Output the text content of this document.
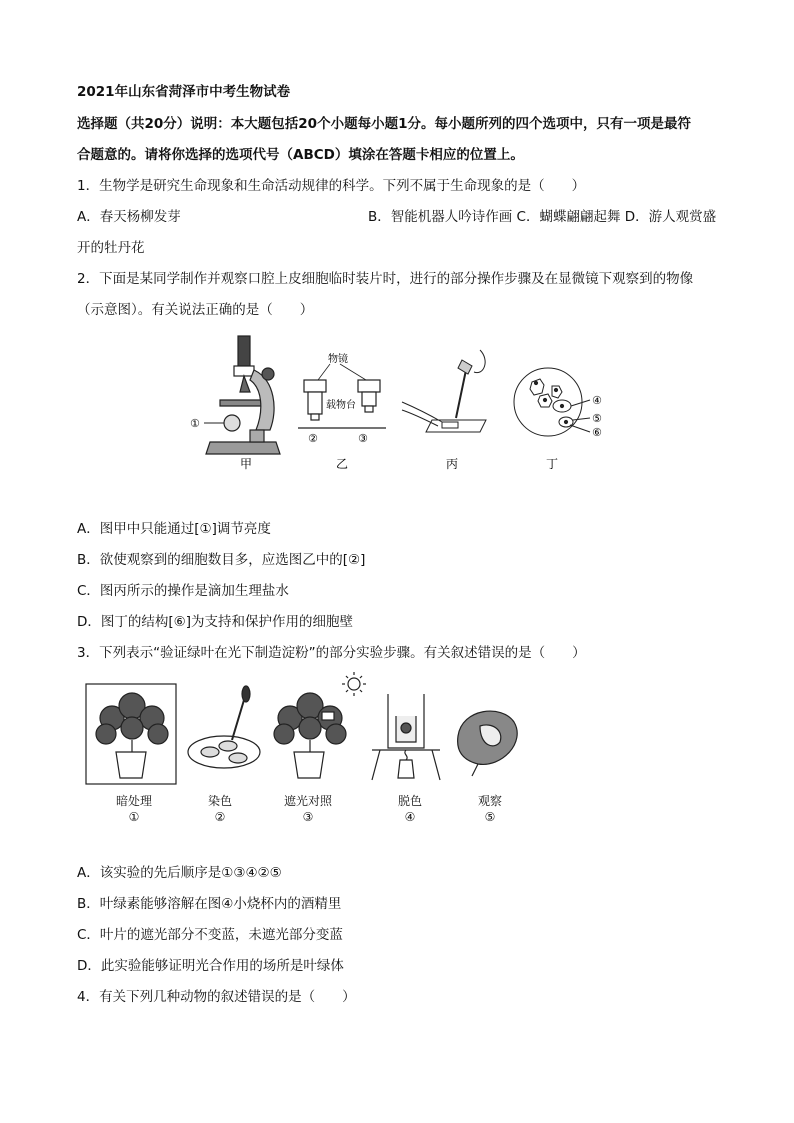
2021年山东省菏泽市中考生物试卷
选择题（共20分）说明：本大题包括20个小题每小题1分。每小题所列的四个选项中，只有一项是最符
合题意的。请将你选择的选项代号（ABCD）填涂在答题卡相应的位置上。
1．生物学是研究生命现象和生命活动规律的科学。下列不属于生命现象的是（　　）
A．春天杨柳发芽	B．智能机器人吟诗作画 C．蝴蝶翩翩起舞 D．游人观赏盛
开的牡丹花
2．下面是某同学制作并观察口腔上皮细胞临时装片时，进行的部分操作步骤及在显微镜下观察到的物像
（示意图）。有关说法正确的是（　　）
①
物镜
载物台
②	③
④
⑤
⑥
甲	乙	丙	丁
A．图甲中只能通过[①]调节亮度
B．欲使观察到的细胞数目多，应选图乙中的[②]
C．图丙所示的操作是滴加生理盐水
D．图丁的结构[⑥]为支持和保护作用的细胞壁
3．下列表示“验证绿叶在光下制造淀粉”的部分实验步骤。有关叙述错误的是（　　）
暗处理	染色	遮光对照	脱色	观察
①	②	③	④	⑤
A．该实验的先后顺序是①③④②⑤
B．叶绿素能够溶解在图④小烧杯内的酒精里
C．叶片的遮光部分不变蓝，未遮光部分变蓝
D．此实验能够证明光合作用的场所是叶绿体
4．有关下列几种动物的叙述错误的是（　　）
